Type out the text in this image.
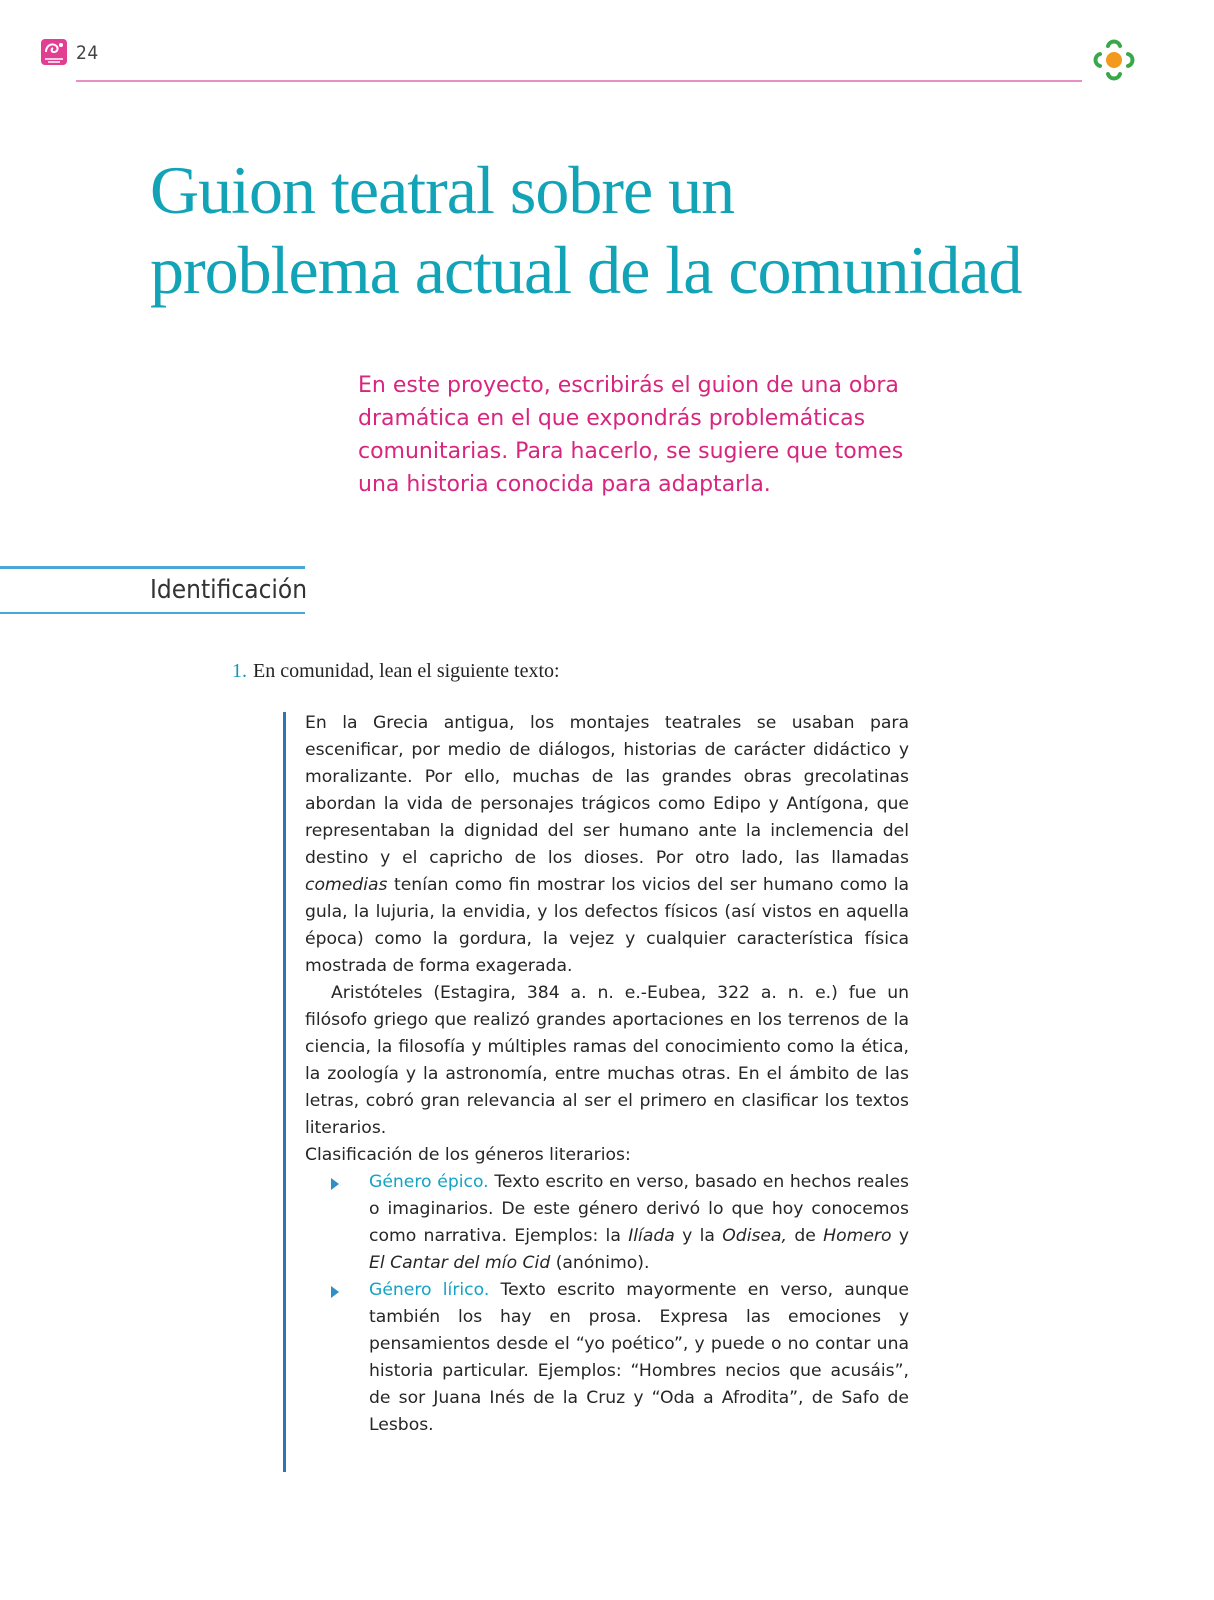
24
Guion teatral sobre un
problema actual de la comunidad

En este proyecto, escribirás el guion de una obra dramática en el que expondrás problemáticas comunitarias. Para hacerlo, se sugiere que tomes una historia conocida para adaptarla.

Identificación
1. En comunidad, lean el siguiente texto:

En la Grecia antigua, los montajes teatrales se usaban para escenificar, por medio de diálogos, historias de carácter didáctico y moralizante. Por ello, muchas de las grandes obras grecolatinas abordan la vida de personajes trágicos como Edipo y Antígona, que representaban la dignidad del ser humano ante la inclemencia del destino y el capricho de los dioses. Por otro lado, las llamadas comedias tenían como fin mostrar los vicios del ser humano como la gula, la lujuria, la envidia, y los defectos físicos (así vistos en aquella época) como la gordura, la vejez y cualquier característica física mostrada de forma exagerada.

Aristóteles (Estagira, 384 a. n. e.-Eubea, 322 a. n. e.) fue un filósofo griego que realizó grandes aportaciones en los terrenos de la ciencia, la filosofía y múltiples ramas del conocimiento como la ética, la zoología y la astronomía, entre muchas otras. En el ámbito de las letras, cobró gran relevancia al ser el primero en clasificar los textos literarios.

Clasificación de los géneros literarios:

Género épico. Texto escrito en verso, basado en hechos reales o imaginarios. De este género derivó lo que hoy conocemos como narrativa. Ejemplos: la Ilíada y la Odisea, de Homero y El Cantar del mío Cid (anónimo).
Género lírico. Texto escrito mayormente en verso, aunque también los hay en prosa. Expresa las emociones y pensamientos desde el “yo poético”, y puede o no contar una historia particular. Ejemplos: “Hombres necios que acusáis”, de sor Juana Inés de la Cruz y “Oda a Afrodita”, de Safo de Lesbos.
